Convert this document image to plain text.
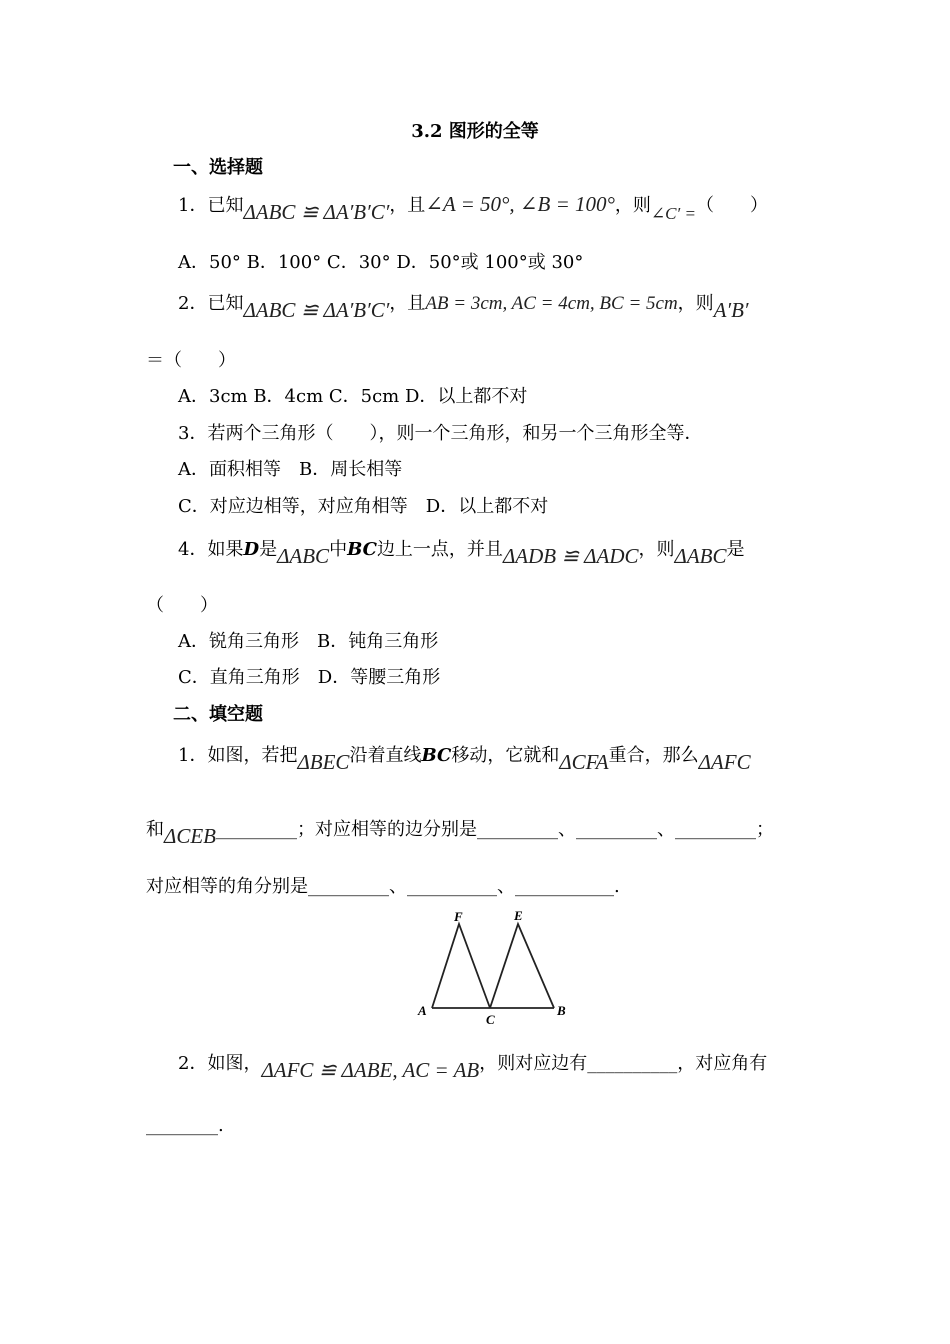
3.2 图形的全等
一、选择题
1．已知ΔABC ≌ ΔA′B′C′，且∠A = 50°, ∠B = 100°，则∠C′ =（　　）
A．50° B．100° C．30° D．50°或 100°或 30°
2．已知ΔABC ≌ ΔA′B′C′，且AB = 3cm, AC = 4cm, BC = 5cm，则A′B′
＝（　　）
A．3cm B．4cm C．5cm D．以上都不对
3．若两个三角形（　　），则一个三角形，和另一个三角形全等．
A．面积相等　B．周长相等
C．对应边相等，对应角相等　D．以上都不对
4．如果D是ΔABC中BC边上一点，并且ΔADB ≌ ΔADC，则ΔABC是
（　　）
A．锐角三角形　B．钝角三角形
C．直角三角形　D．等腰三角形
二、填空题
1．如图，若把ΔBEC沿着直线BC移动，它就和ΔCFA重合，那么ΔAFC
和ΔCEB_________；对应相等的边分别是_________、_________、_________；
对应相等的角分别是_________、__________、___________.
F	E
A
C
B
2．如图，ΔAFC ≌ ΔABE, AC = AB，则对应边有__________，对应角有
________.
